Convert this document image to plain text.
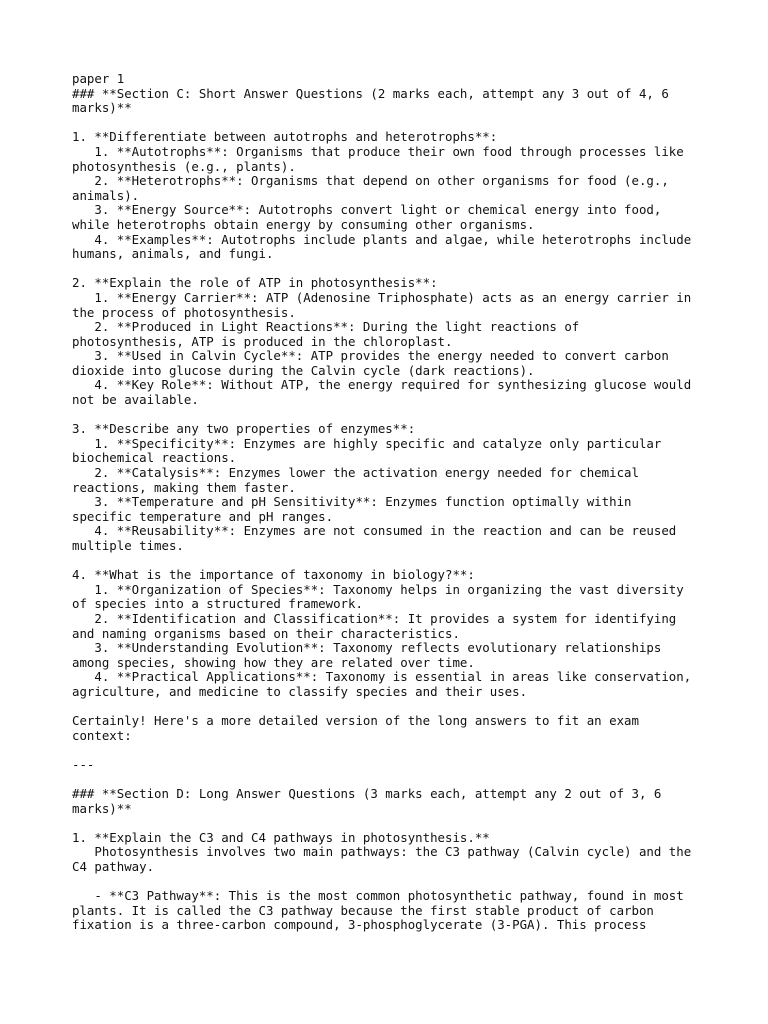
paper 1
### **Section C: Short Answer Questions (2 marks each, attempt any 3 out of 4, 6
marks)**

1. **Differentiate between autotrophs and heterotrophs**:
1. **Autotrophs**: Organisms that produce their own food through processes like
photosynthesis (e.g., plants).
2. **Heterotrophs**: Organisms that depend on other organisms for food (e.g.,
animals).
3. **Energy Source**: Autotrophs convert light or chemical energy into food,
while heterotrophs obtain energy by consuming other organisms.
4. **Examples**: Autotrophs include plants and algae, while heterotrophs include
humans, animals, and fungi.

2. **Explain the role of ATP in photosynthesis**:
1. **Energy Carrier**: ATP (Adenosine Triphosphate) acts as an energy carrier in
the process of photosynthesis.
2. **Produced in Light Reactions**: During the light reactions of
photosynthesis, ATP is produced in the chloroplast.
3. **Used in Calvin Cycle**: ATP provides the energy needed to convert carbon
dioxide into glucose during the Calvin cycle (dark reactions).
4. **Key Role**: Without ATP, the energy required for synthesizing glucose would
not be available.

3. **Describe any two properties of enzymes**:
1. **Specificity**: Enzymes are highly specific and catalyze only particular
biochemical reactions.
2. **Catalysis**: Enzymes lower the activation energy needed for chemical
reactions, making them faster.
3. **Temperature and pH Sensitivity**: Enzymes function optimally within
specific temperature and pH ranges.
4. **Reusability**: Enzymes are not consumed in the reaction and can be reused
multiple times.

4. **What is the importance of taxonomy in biology?**:
1. **Organization of Species**: Taxonomy helps in organizing the vast diversity
of species into a structured framework.
2. **Identification and Classification**: It provides a system for identifying
and naming organisms based on their characteristics.
3. **Understanding Evolution**: Taxonomy reflects evolutionary relationships
among species, showing how they are related over time.
4. **Practical Applications**: Taxonomy is essential in areas like conservation,
agriculture, and medicine to classify species and their uses.

Certainly! Here's a more detailed version of the long answers to fit an exam
context:

---

### **Section D: Long Answer Questions (3 marks each, attempt any 2 out of 3, 6
marks)**

1. **Explain the C3 and C4 pathways in photosynthesis.**
Photosynthesis involves two main pathways: the C3 pathway (Calvin cycle) and the
C4 pathway.

- **C3 Pathway**: This is the most common photosynthetic pathway, found in most
plants. It is called the C3 pathway because the first stable product of carbon
fixation is a three-carbon compound, 3-phosphoglycerate (3-PGA). This process
